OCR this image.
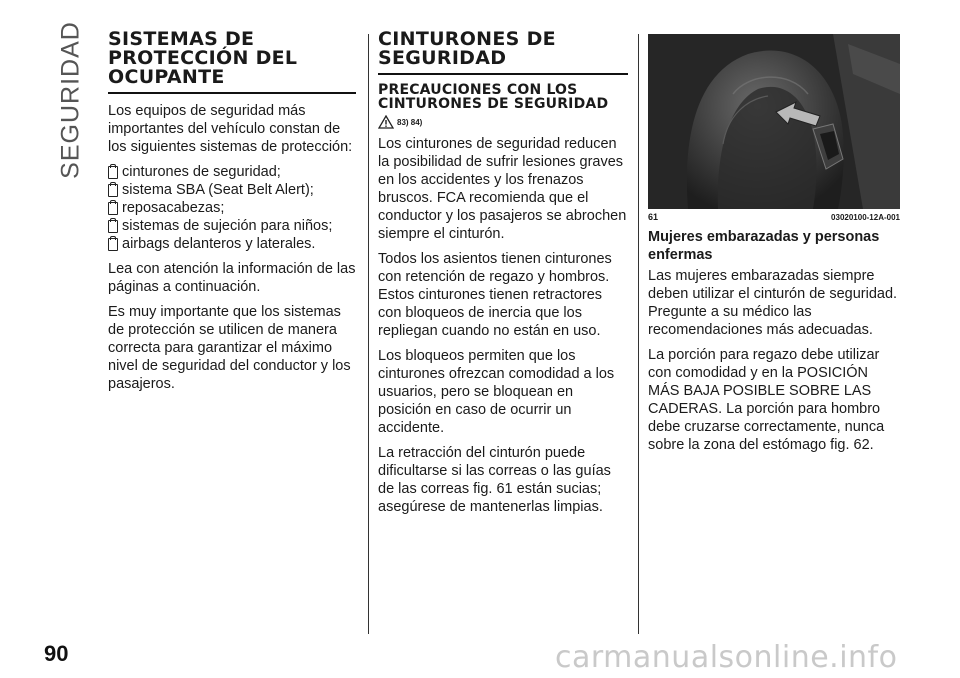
SEGURIDAD SISTEMAS DE PROTECCIÓN DEL OCUPANTE

Los equipos de seguridad más importantes del vehículo constan de los siguientes sistemas de protección:

cinturones de seguridad;
sistema SBA (Seat Belt Alert);
reposacabezas;
sistemas de sujeción para niños;
airbags delanteros y laterales.

Lea con atención la información de las páginas a continuación.

Es muy importante que los sistemas de protección se utilicen de manera correcta para garantizar el máximo nivel de seguridad del conductor y los pasajeros.

CINTURONES DE SEGURIDAD
PRECAUCIONES CON LOS CINTURONES DE SEGURIDAD
83) 84)

Los cinturones de seguridad reducen la posibilidad de sufrir lesiones graves en los accidentes y los frenazos bruscos. FCA recomienda que el conductor y los pasajeros se abrochen siempre el cinturón.

Todos los asientos tienen cinturones con retención de regazo y hombros. Estos cinturones tienen retractores con bloqueos de inercia que los repliegan cuando no están en uso.

Los bloqueos permiten que los cinturones ofrezcan comodidad a los usuarios, pero se bloquean en posición en caso de ocurrir un accidente.

La retracción del cinturón puede dificultarse si las correas o las guías de las correas fig. 61 están sucias; asegúrese de mantenerlas limpias.

61	03020100-12A-001
Mujeres embarazadas y personas enfermas

Las mujeres embarazadas siempre deben utilizar el cinturón de seguridad. Pregunte a su médico las recomendaciones más adecuadas.

La porción para regazo debe utilizar con comodidad y en la POSICIÓN MÁS BAJA POSIBLE SOBRE LAS CADERAS. La porción para hombro debe cruzarse correctamente, nunca sobre la zona del estómago fig. 62.

90	carmanualsonline.info
